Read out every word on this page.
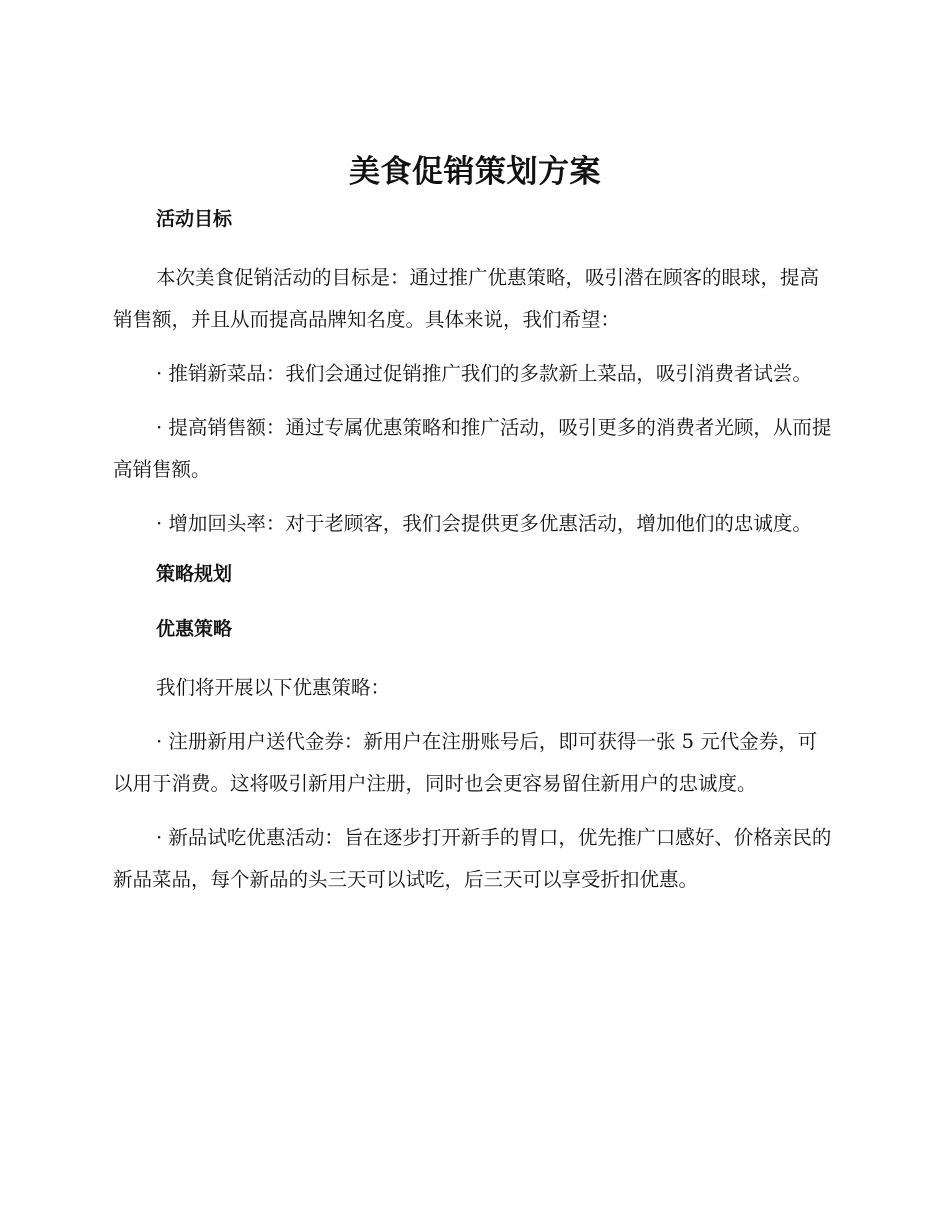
美食促销策划方案
活动目标

本次美食促销活动的目标是：通过推广优惠策略，吸引潜在顾客的眼球，提高销售额，并且从而提高品牌知名度。具体来说，我们希望：

· 推销新菜品：我们会通过促销推广我们的多款新上菜品，吸引消费者试尝。

· 提高销售额：通过专属优惠策略和推广活动，吸引更多的消费者光顾，从而提高销售额。

· 增加回头率：对于老顾客，我们会提供更多优惠活动，增加他们的忠诚度。

策略规划
优惠策略

我们将开展以下优惠策略：

· 注册新用户送代金券：新用户在注册账号后，即可获得一张 5 元代金券，可以用于消费。这将吸引新用户注册，同时也会更容易留住新用户的忠诚度。

· 新品试吃优惠活动：旨在逐步打开新手的胃口，优先推广口感好、价格亲民的新品菜品，每个新品的头三天可以试吃，后三天可以享受折扣优惠。
